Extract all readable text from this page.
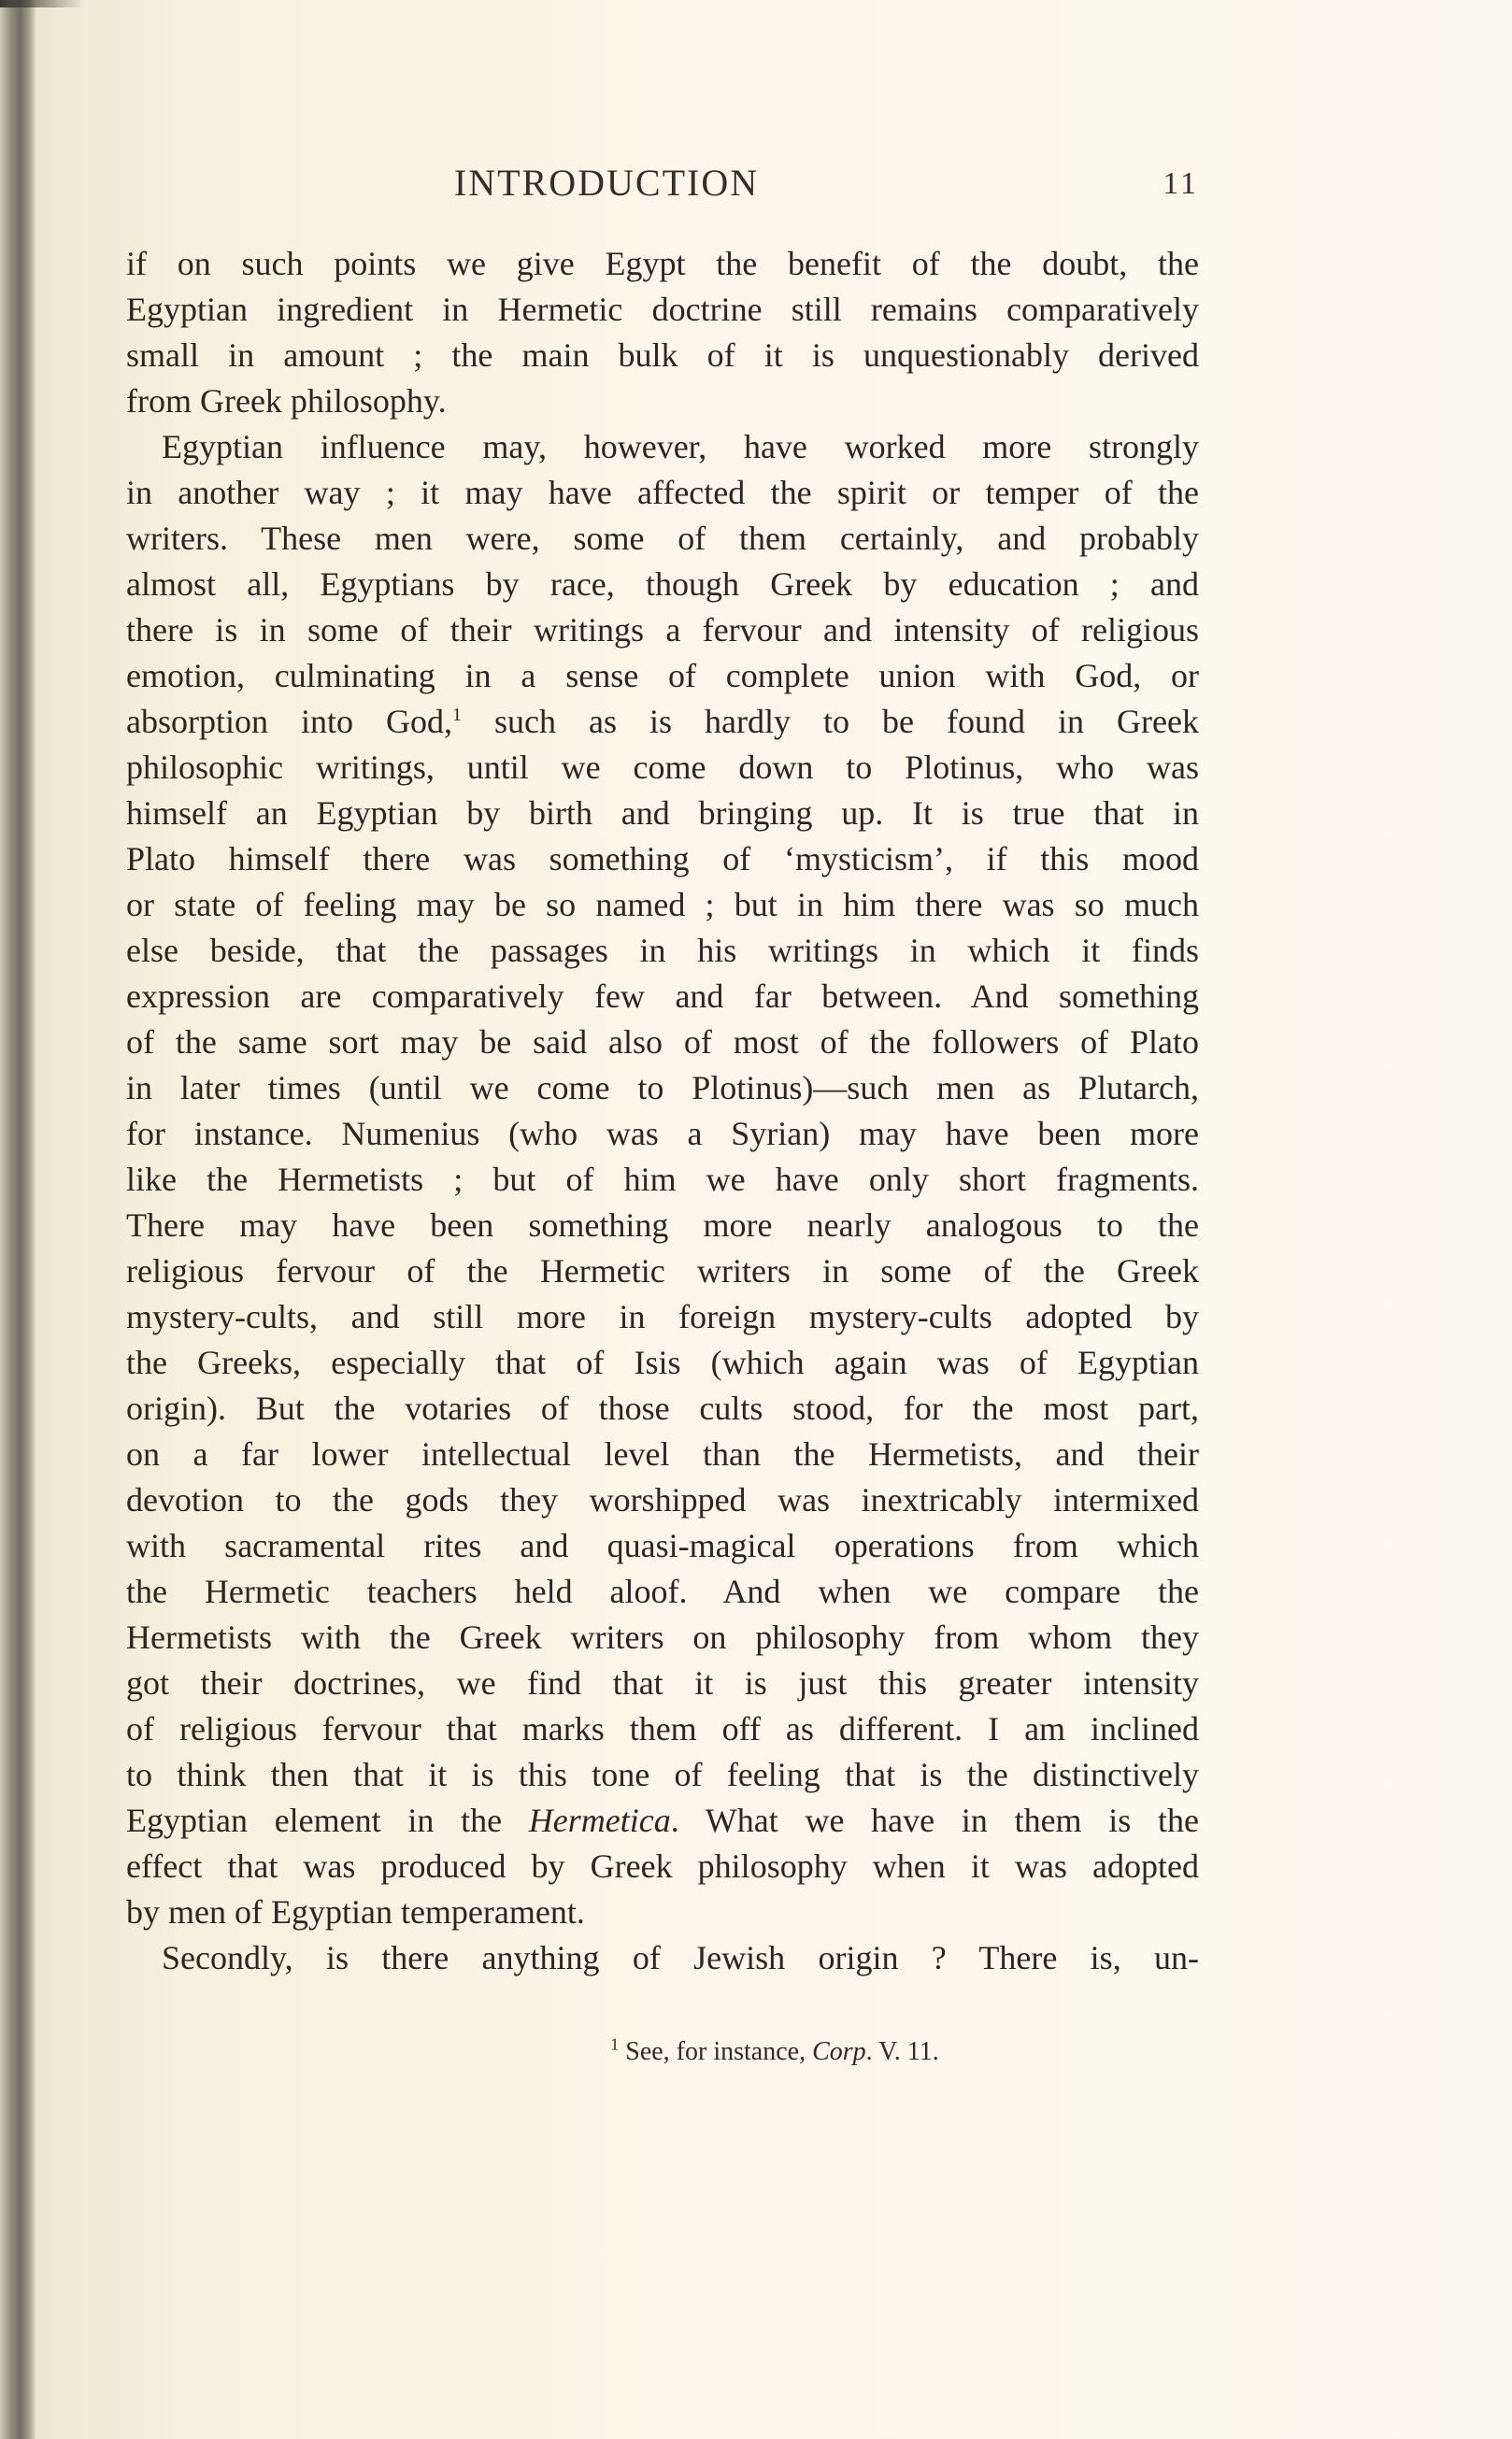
INTRODUCTION	11
if on such points we give Egypt the benefit of the doubt, the
Egyptian ingredient in Hermetic doctrine still remains comparatively
small in amount ; the main bulk of it is unquestionably derived
from Greek philosophy.
Egyptian influence may, however, have worked more strongly
in another way ; it may have affected the spirit or temper of the
writers. These men were, some of them certainly, and probably
almost all, Egyptians by race, though Greek by education ; and
there is in some of their writings a fervour and intensity of religious
emotion, culminating in a sense of complete union with God, or
absorption into God,$^1$ such as is hardly to be found in Greek
philosophic writings, until we come down to Plotinus, who was
himself an Egyptian by birth and bringing up. It is true that in
Plato himself there was something of ‘mysticism’, if this mood
or state of feeling may be so named ; but in him there was so much
else beside, that the passages in his writings in which it finds
expression are comparatively few and far between. And something
of the same sort may be said also of most of the followers of Plato
in later times (until we come to Plotinus)—such men as Plutarch,
for instance. Numenius (who was a Syrian) may have been more
like the Hermetists ; but of him we have only short fragments.
There may have been something more nearly analogous to the
religious fervour of the Hermetic writers in some of the Greek
mystery-cults, and still more in foreign mystery-cults adopted by
the Greeks, especially that of Isis (which again was of Egyptian
origin). But the votaries of those cults stood, for the most part,
on a far lower intellectual level than the Hermetists, and their
devotion to the gods they worshipped was inextricably intermixed
with sacramental rites and quasi-magical operations from which
the Hermetic teachers held aloof. And when we compare the
Hermetists with the Greek writers on philosophy from whom they
got their doctrines, we find that it is just this greater intensity
of religious fervour that marks them off as different. I am inclined
to think then that it is this tone of feeling that is the distinctively
Egyptian element in the Hermetica. What we have in them is the
effect that was produced by Greek philosophy when it was adopted
by men of Egyptian temperament.
Secondly, is there anything of Jewish origin ? There is, un-
$^1$ See, for instance, Corp. V. 11.
